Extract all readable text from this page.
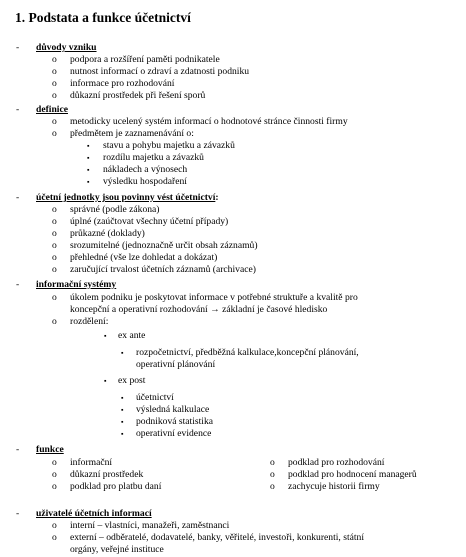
1. Podstata a funkce účetnictví
- důvody vzniku
o podpora a rozšíření paměti podnikatele
o nutnost informací o zdraví a zdatnosti podniku
o informace pro rozhodování
o důkazní prostředek při řešení sporů
- definice
o metodicky ucelený systém informací o hodnotové stránce činnosti firmy
o předmětem je zaznamenávání o:
▪ stavu a pohybu majetku a závazků
▪ rozdílu majetku a závazků
▪ nákladech a výnosech
▪ výsledku hospodaření
- účetní jednotky jsou povinny vést účetnictví:
o správné (podle zákona)
o úplné (zaúčtovat všechny účetní případy)
o průkazné (doklady)
o srozumitelné (jednoznačně určit obsah záznamů)
o přehledné (vše lze dohledat a dokázat)
o zaručující trvalost účetních záznamů (archivace)
- informační systémy
o úkolem podniku je poskytovat informace v potřebné struktuře a kvalitě pro
koncepční a operativní rozhodování → základní je časové hledisko
o rozdělení:
▪ ex ante
▪ rozpočetnictví, předběžná kalkulace,koncepční plánování,
operativní plánování
▪ ex post
▪ účetnictví
▪ výsledná kalkulace
▪ podniková statistika
▪ operativní evidence
- funkce
o informační	o podklad pro rozhodování
o důkazní prostředek	o podklad pro hodnocení managerů
o podklad pro platbu daní	o zachycuje historii firmy
- uživatelé účetních informací
o interní – vlastníci, manažeři, zaměstnanci
o externí – odběratelé, dodavatelé, banky, věřitelé, investoři, konkurenti, státní
orgány, veřejné instituce
